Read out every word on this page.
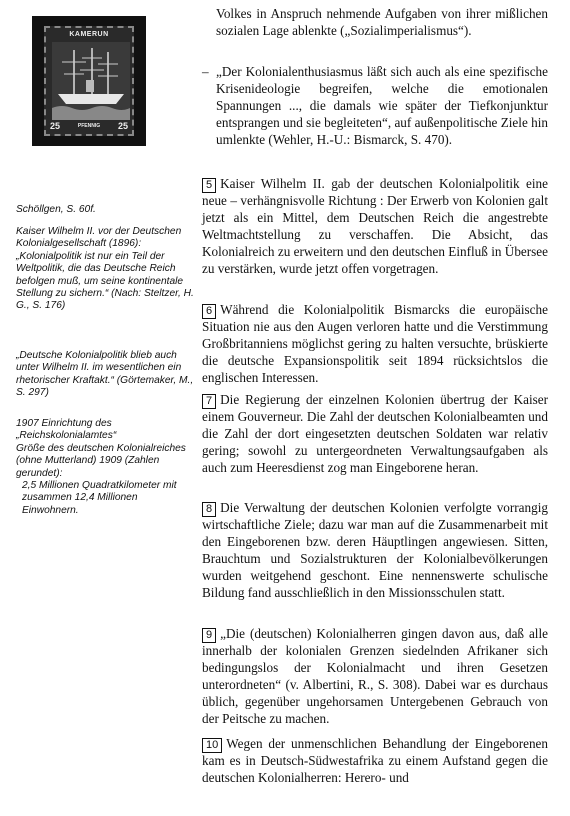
KAMERUN
25	PFENNIG 25

Schöllgen, S. 60f.

Kaiser Wilhelm II. vor der Deutschen Kolonialgesellschaft (1896): „Kolonialpolitik ist nur ein Teil der Weltpolitik, die das Deutsche Reich befolgen muß, um seine kontinentale Stellung zu sichern.“ (Nach: Steltzer, H. G., S. 176)

„Deutsche Kolonialpolitik blieb auch unter Wilhelm II. im wesentlichen ein rhetorischer Kraftakt.“ (Görtemaker, M., S. 297)

1907 Einrichtung des „Reichskolonialamtes“

Größe des deutschen Kolonialreiches (ohne Mutterland) 1909 (Zahlen gerundet):

2,5 Millionen Quadratkilometer mit zusammen 12,4 Millionen Einwohnern.

Volkes in Anspruch nehmende Aufgaben von ihrer mißlichen sozialen Lage ablenkte („Sozialimperialismus“).

– „Der Kolonialenthusiasmus läßt sich auch als eine spezifische Krisenideologie begreifen, welche die emotionalen Spannungen ..., die damals wie später der Tiefkonjunktur entsprangen und sie begleiteten“, auf außenpolitische Ziele hin umlenkte (Wehler, H.-U.: Bismarck, S. 470).

5 Kaiser Wilhelm II. gab der deutschen Kolonialpolitik eine neue – verhängnisvolle Richtung : Der Erwerb von Kolonien galt jetzt als ein Mittel, dem Deutschen Reich die angestrebte Weltmachtstellung zu verschaffen. Die Absicht, das Kolonialreich zu erweitern und den deutschen Einfluß in Übersee zu verstärken, wurde jetzt offen vorgetragen.

6 Während die Kolonialpolitik Bismarcks die europäische Situation nie aus den Augen verloren hatte und die Verstimmung Großbritanniens möglichst gering zu halten versuchte, brüskierte die deutsche Expansionspolitik seit 1894 rücksichtslos die englischen Interessen.

7 Die Regierung der einzelnen Kolonien übertrug der Kaiser einem Gouverneur. Die Zahl der deutschen Kolonialbeamten und die Zahl der dort eingesetzten deutschen Soldaten war relativ gering; sowohl zu untergeordneten Verwaltungsaufgaben als auch zum Heeresdienst zog man Eingeborene heran.

8 Die Verwaltung der deutschen Kolonien verfolgte vorrangig wirtschaftliche Ziele; dazu war man auf die Zusammenarbeit mit den Eingeborenen bzw. deren Häuptlingen angewiesen. Sitten, Brauchtum und Sozialstrukturen der Kolonialbevölkerungen wurden weitgehend geschont. Eine nennenswerte schulische Bildung fand ausschließlich in den Missionsschulen statt.

9 „Die (deutschen) Kolonialherren gingen davon aus, daß alle innerhalb der kolonialen Grenzen siedelnden Afrikaner sich bedingungslos der Kolonialmacht und ihren Gesetzen unterordneten“ (v. Albertini, R., S. 308). Dabei war es durchaus üblich, gegenüber ungehorsamen Untergebenen Gebrauch von der Peitsche zu machen.

10 Wegen der unmenschlichen Behandlung der Eingeborenen kam es in Deutsch-Südwestafrika zu einem Aufstand gegen die deutschen Kolonialherren: Herero- und
